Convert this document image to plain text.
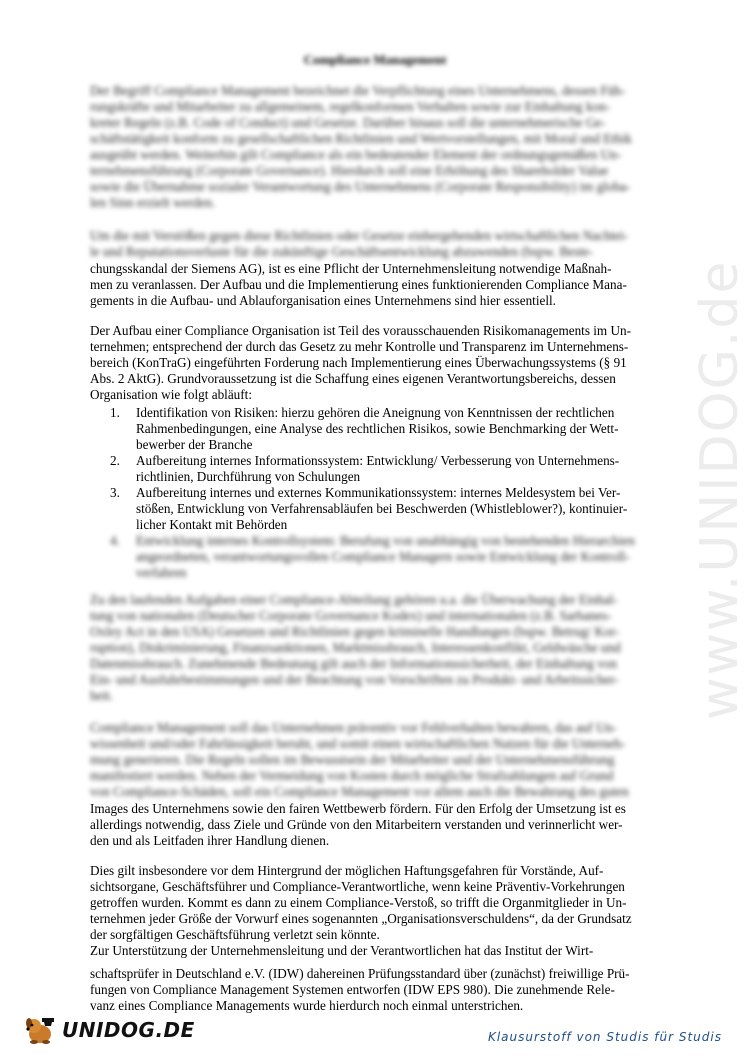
Compliance Management
Der Begriff Compliance Management bezeichnet die Verpflichtung eines Unternehmens, dessen Füh-
rungskräfte und Mitarbeiter zu allgemeinem, regelkonformen Verhalten sowie zur Einhaltung kon-
kreter Regeln (z.B. Code of Conduct) und Gesetze. Darüber hinaus soll die unternehmerische Ge-
schäftstätigkeit konform zu gesellschaftlichen Richtlinien und Wertvorstellungen, mit Moral und Ethik
ausgeübt werden. Weiterhin gilt Compliance als ein bedeutender Element der ordnungsgemäßen Un-
ternehmensführung (Corporate Governance). Hierdurch soll eine Erhöhung des Shareholder Value
sowie die Übernahme sozialer Verantwortung des Unternehmens (Corporate Responsibility) im globa-
len Sinn erzielt werden.
Um die mit Verstößen gegen diese Richtlinien oder Gesetze einhergehenden wirtschaftlichen Nachtei-
le und Reputationsverluste für die zukünftige Geschäftsentwicklung abzuwenden (bspw. Beste-
chungsskandal der Siemens AG), ist es eine Pflicht der Unternehmensleitung notwendige Maßnah-
men zu veranlassen. Der Aufbau und die Implementierung eines funktionierenden Compliance Mana-
gements in die Aufbau- und Ablauforganisation eines Unternehmens sind hier essentiell.
Der Aufbau einer Compliance Organisation ist Teil des vorausschauenden Risikomanagements im Un-
ternehmen; entsprechend der durch das Gesetz zu mehr Kontrolle und Transparenz im Unternehmens-
bereich (KonTraG) eingeführten Forderung nach Implementierung eines Überwachungssystems (§ 91
Abs. 2 AktG). Grundvoraussetzung ist die Schaffung eines eigenen Verantwortungsbereichs, dessen
Organisation wie folgt abläuft:
1.	Identifikation von Risiken: hierzu gehören die Aneignung von Kenntnissen der rechtlichen
Rahmenbedingungen, eine Analyse des rechtlichen Risikos, sowie Benchmarking der Wett-
bewerber der Branche
2.	Aufbereitung internes Informationssystem: Entwicklung/ Verbesserung von Unternehmens-
richtlinien, Durchführung von Schulungen
3.	Aufbereitung internes und externes Kommunikationssystem: internes Meldesystem bei Ver-
stößen, Entwicklung von Verfahrensabläufen bei Beschwerden (Whistleblower?), kontinuier-
licher Kontakt mit Behörden
4.	Entwicklung internes Kontrollsystem: Berufung von unabhängig von bestehenden Hierarchien
angeordneten, verantwortungsvollen Compliance Managern sowie Entwicklung der Kontroll-
verfahren
Zu den laufenden Aufgaben einer Compliance-Abteilung gehören u.a. die Überwachung der Einhal-
tung von nationalen (Deutscher Corporate Governance Kodex) und internationalen (z.B. Sarbanes-
Oxley Act in den USA) Gesetzen und Richtlinien gegen kriminelle Handlungen (bspw. Betrug/ Kor-
ruption), Diskriminierung, Finanzsanktionen, Marktmissbrauch, Interessenkonflikt, Geldwäsche und
Datenmissbrauch. Zunehmende Bedeutung gilt auch der Informationssicherheit, der Einhaltung von
Ein- und Ausfuhrbestimmungen und der Beachtung von Vorschriften zu Produkt- und Arbeitssicher-
heit.
Compliance Management soll das Unternehmen präventiv vor Fehlverhalten bewahren, das auf Un-
wissenheit und/oder Fahrlässigkeit beruht, und somit einen wirtschaftlichen Nutzen für die Unterneh-
mung generieren. Die Regeln sollen im Bewusstsein der Mitarbeiter und der Unternehmensführung
manifestiert werden. Neben der Vermeidung von Kosten durch mögliche Strafzahlungen auf Grund
von Compliance-Schäden, soll ein Compliance Management vor allem auch die Bewahrung des guten
Images des Unternehmens sowie den fairen Wettbewerb fördern. Für den Erfolg der Umsetzung ist es
allerdings notwendig, dass Ziele und Gründe von den Mitarbeitern verstanden und verinnerlicht wer-
den und als Leitfaden ihrer Handlung dienen.
Dies gilt insbesondere vor dem Hintergrund der möglichen Haftungsgefahren für Vorstände, Auf-
sichtsorgane, Geschäftsführer und Compliance-Verantwortliche, wenn keine Präventiv-Vorkehrungen
getroffen wurden. Kommt es dann zu einem Compliance-Verstoß, so trifft die Organmitglieder in Un-
ternehmen jeder Größe der Vorwurf eines sogenannten „Organisationsverschuldens“, da der Grundsatz
der sorgfältigen Geschäftsführung verletzt sein könnte.
Zur Unterstützung der Unternehmensleitung und der Verantwortlichen hat das Institut der Wirt-
schaftsprüfer in Deutschland e.V. (IDW) dahereinen Prüfungsstandard über (zunächst) freiwillige Prü-
fungen von Compliance Management Systemen entworfen (IDW EPS 980). Die zunehmende Rele-
vanz eines Compliance Managements wurde hierdurch noch einmal unterstrichen.
www.UNIDOG.de
UNIDOG.DE	Klausurstoff von Studis für Studis
